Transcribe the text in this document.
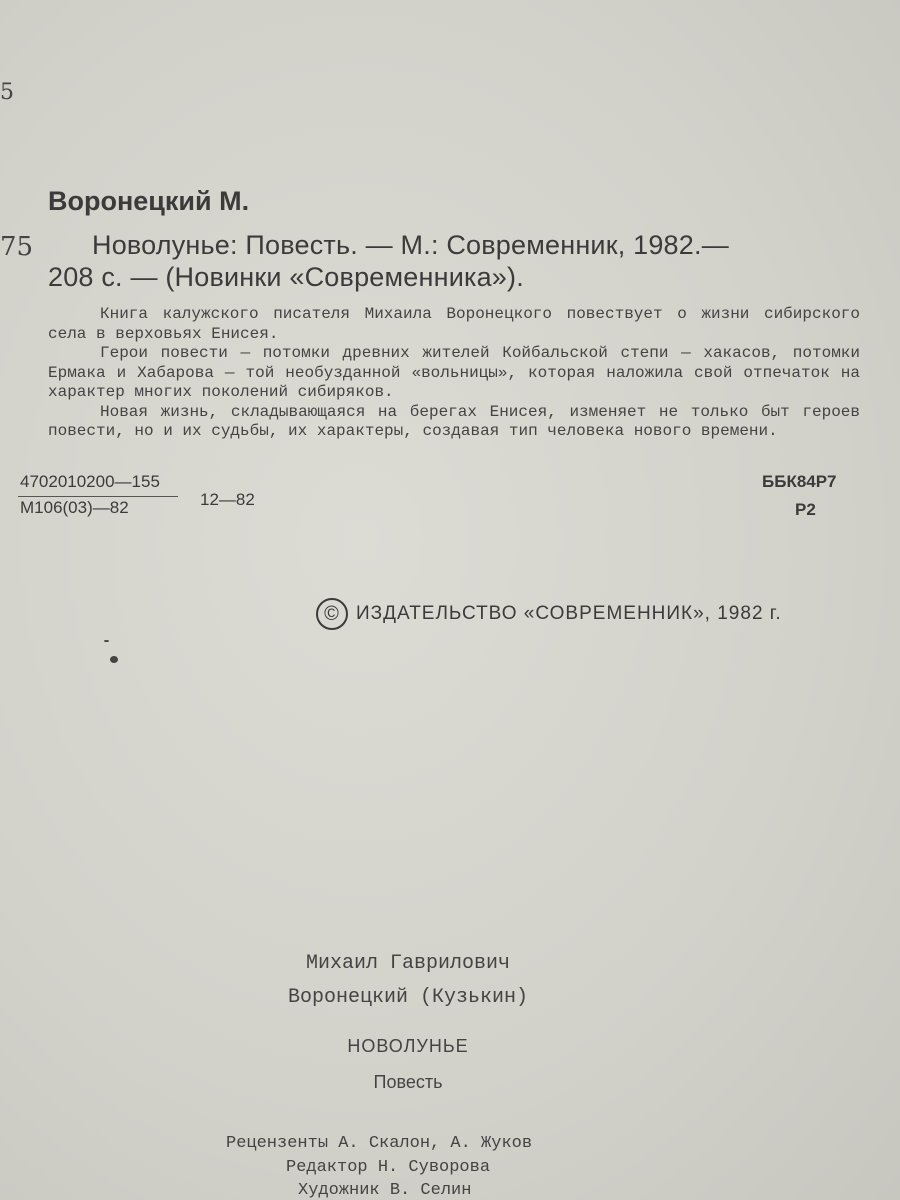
5
75
Воронецкий М.
Новолунье: Повесть. — М.: Современник, 1982.—
208 с. — (Новинки «Современника»).

Книга калужского писателя Михаила Воронецкого повествует о жизни сибирского села в верховьях Енисея.

Герои повести — потомки древних жителей Койбальской степи — хакасов, потомки Ермака и Хабарова — той необузданной «вольницы», которая наложила свой отпечаток на характер многих поколений сибиряков.

Новая жизнь, складывающаяся на берегах Енисея, изменяет не только быт героев повести, но и их судьбы, их характеры, создавая тип человека нового времени.

4702010200—155
М106(03)—82	12—82
ББК84Р7
Р2
© ИЗДАТЕЛЬСТВО «СОВРЕМЕННИК», 1982 г.
Михаил Гаврилович
Воронецкий (Кузькин)
НОВОЛУНЬЕ
Повесть
Рецензенты А. Скалон, А. Жуков
Редактор Н. Суворова
Художник В. Селин
